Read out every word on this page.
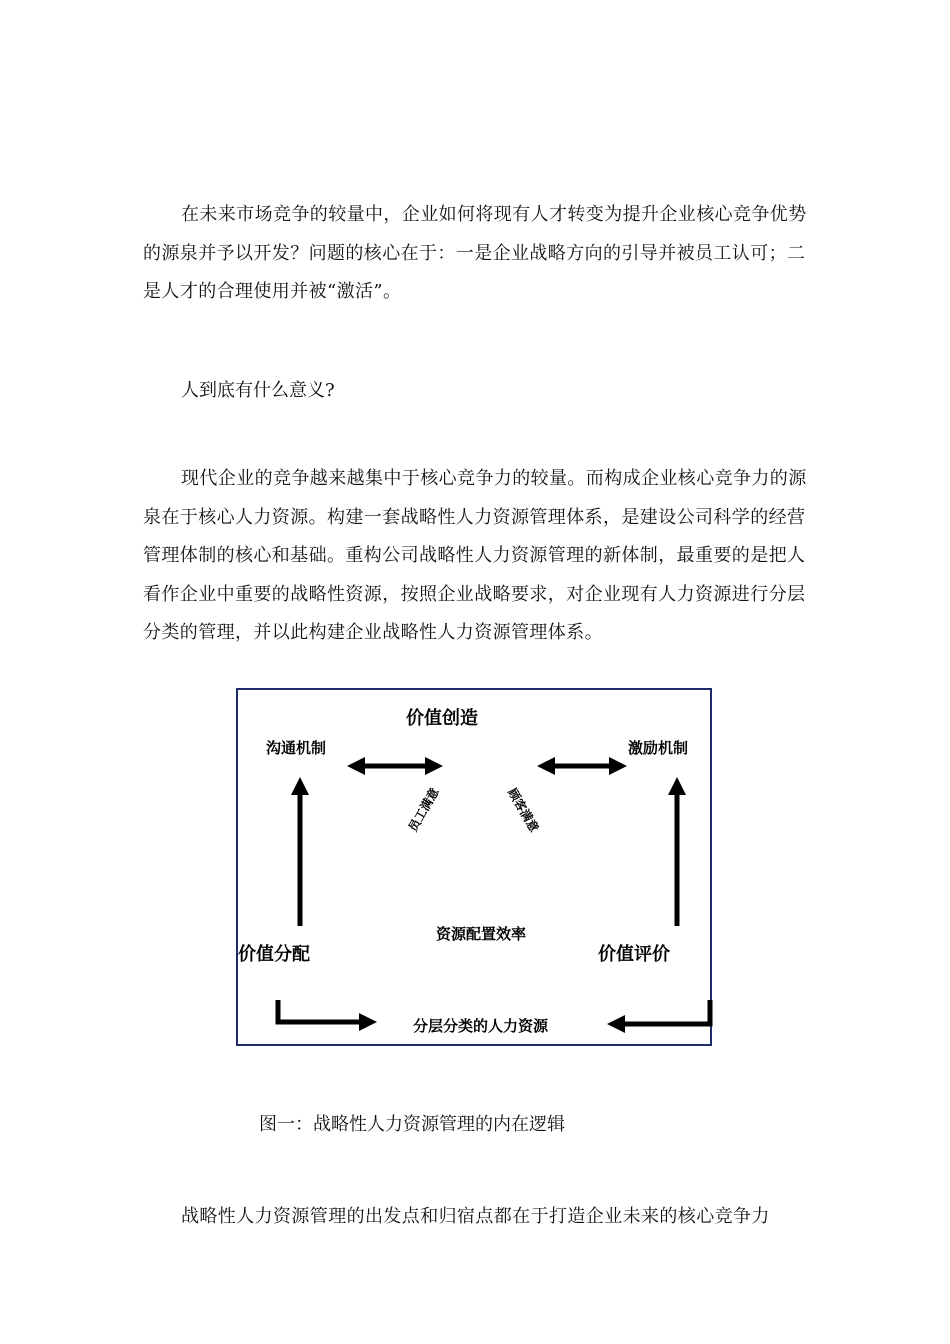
在未来市场竞争的较量中，企业如何将现有人才转变为提升企业核心竞争优势的源泉并予以开发？问题的核心在于：一是企业战略方向的引导并被员工认可；二是人才的合理使用并被“激活”。

人到底有什么意义?

现代企业的竞争越来越集中于核心竞争力的较量。而构成企业核心竞争力的源泉在于核心人力资源。构建一套战略性人力资源管理体系，是建设公司科学的经营管理体制的核心和基础。重构公司战略性人力资源管理的新体制，最重要的是把人看作企业中重要的战略性资源，按照企业战略要求，对企业现有人力资源进行分层分类的管理，并以此构建企业战略性人力资源管理体系。

价值创造
沟通机制	激励机制
员工满意	顾客满意
资源配置效率
价值分配	价值评价
分层分类的人力资源

图一：战略性人力资源管理的内在逻辑

战略性人力资源管理的出发点和归宿点都在于打造企业未来的核心竞争力
